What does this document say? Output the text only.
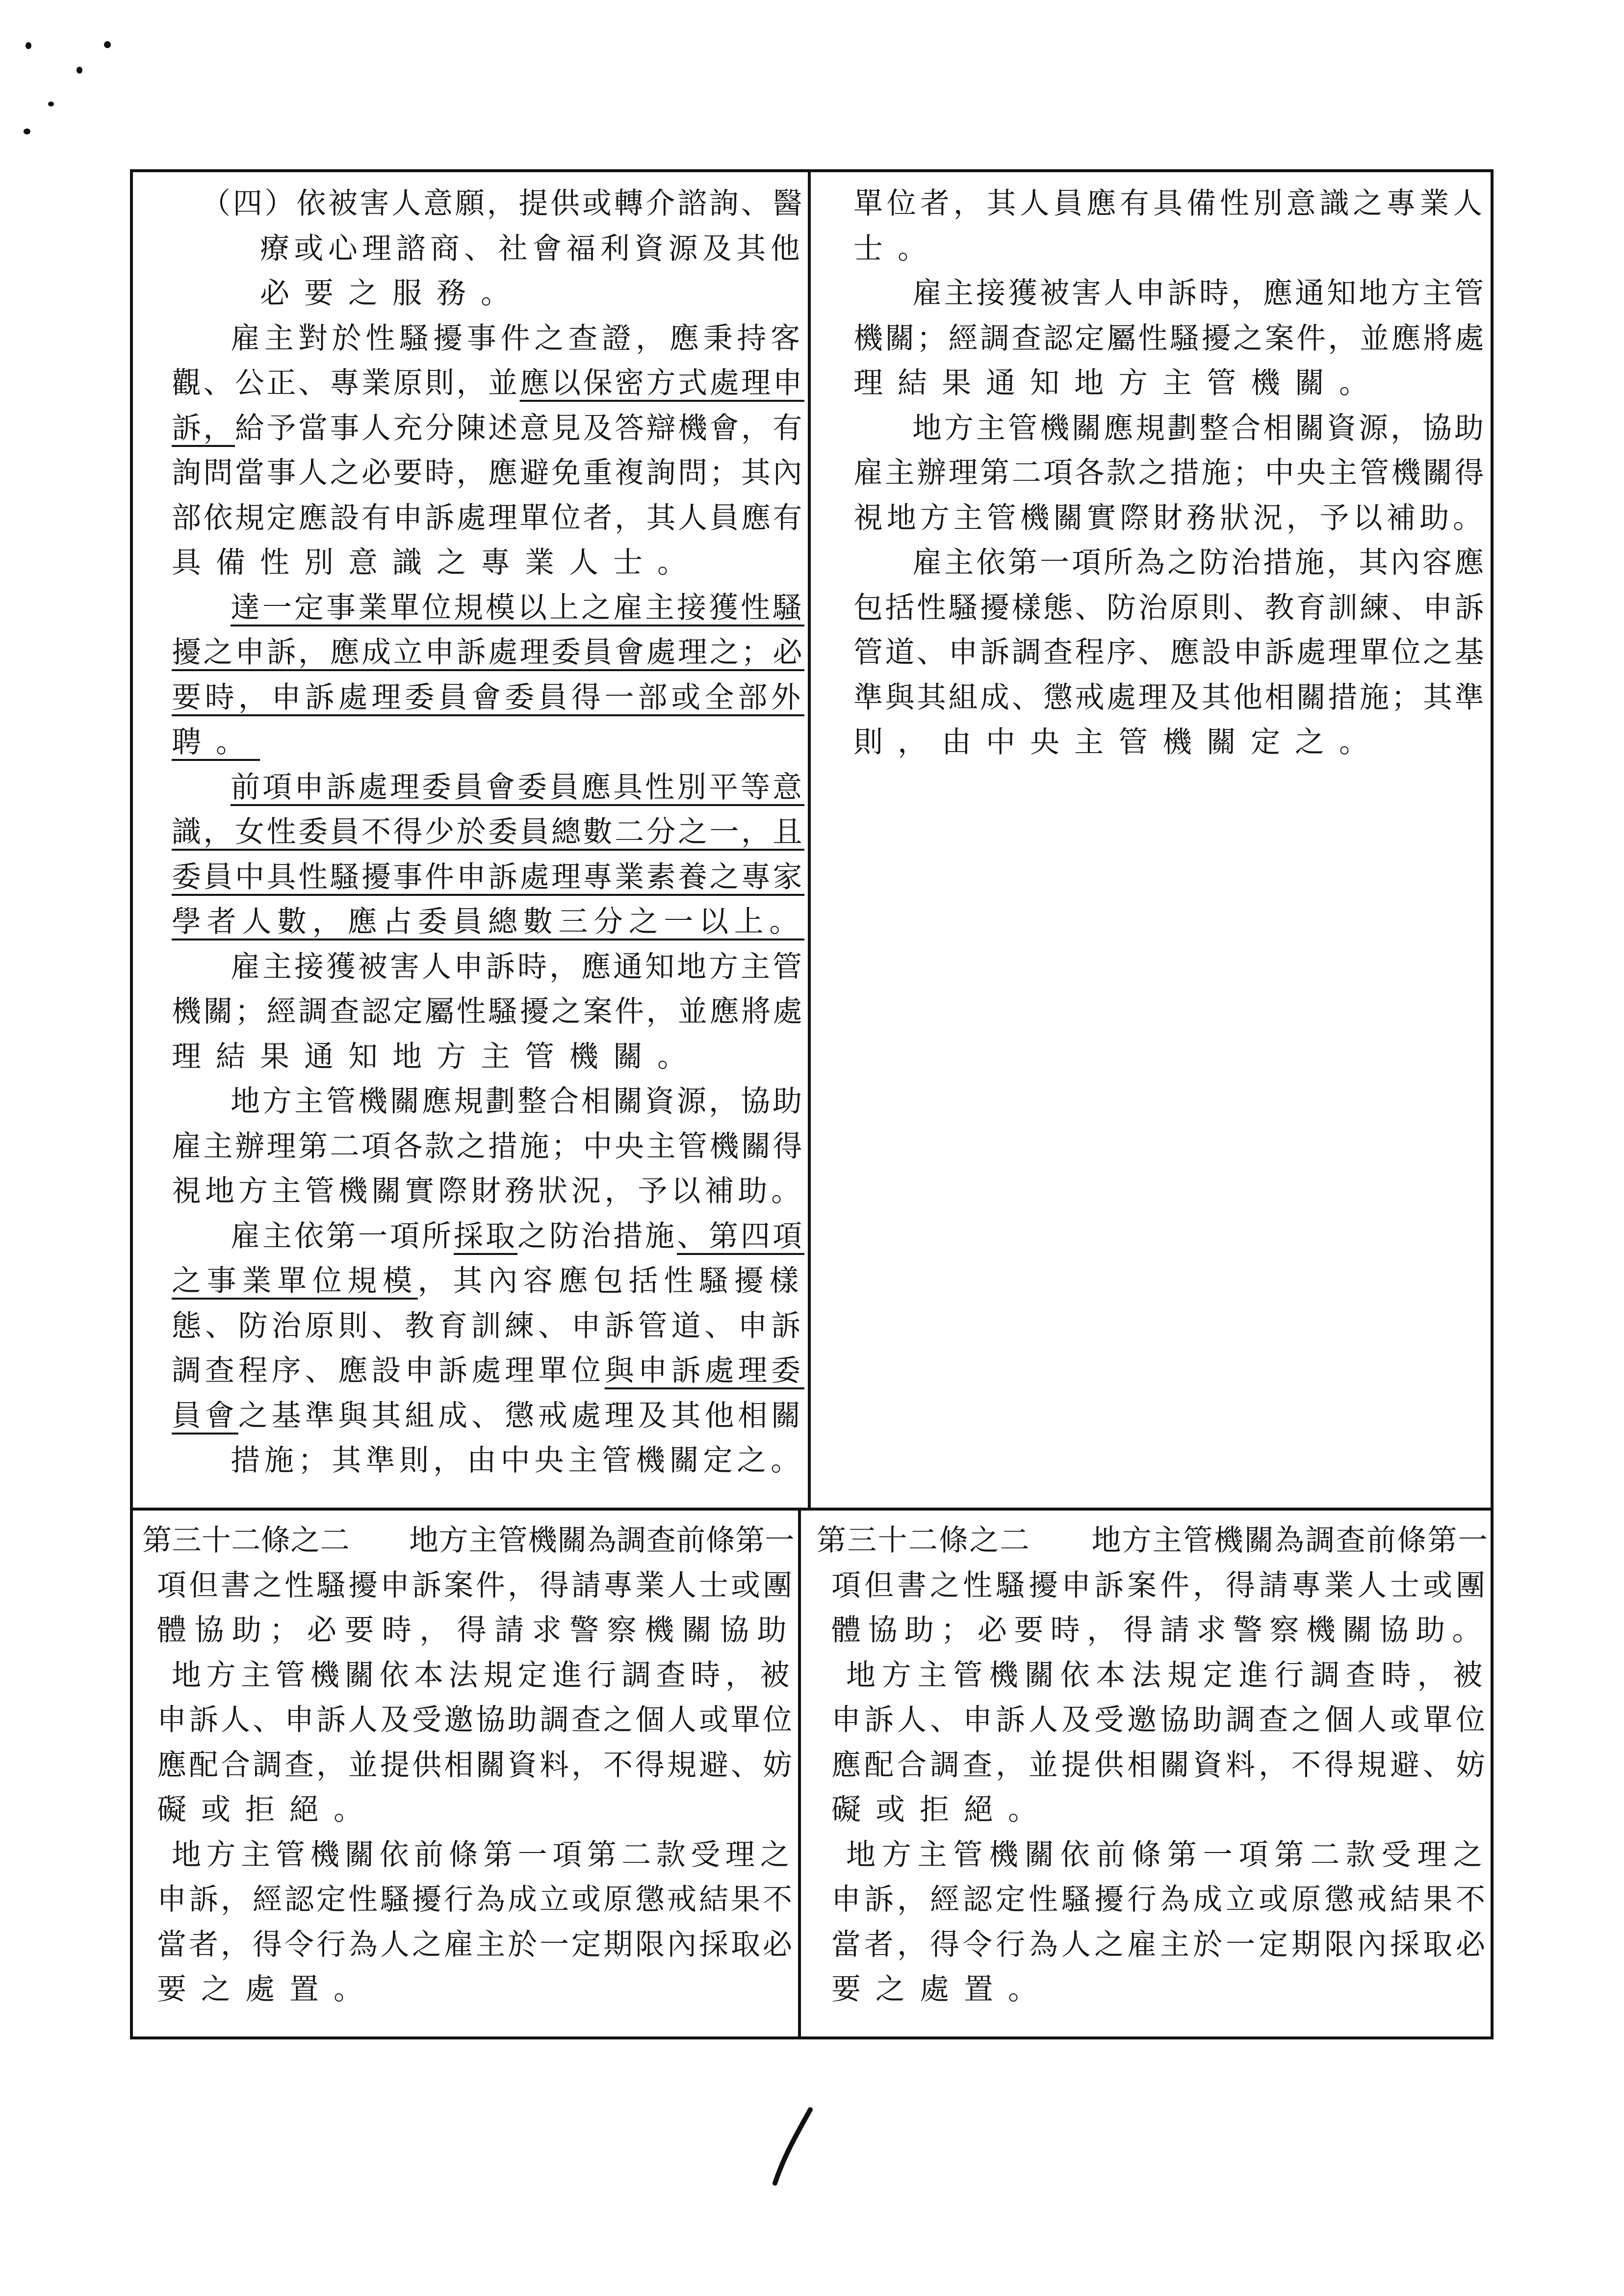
（四）依被害人意願，提供或轉介諮詢、醫
療或心理諮商、社會福利資源及其他
必要之服務。
雇主對於性騷擾事件之查證，應秉持客
觀、公正、專業原則，並應以保密方式處理申
訴，給予當事人充分陳述意見及答辯機會，有
詢問當事人之必要時，應避免重複詢問；其內
部依規定應設有申訴處理單位者，其人員應有
具備性別意識之專業人士。
達一定事業單位規模以上之雇主接獲性騷
擾之申訴，應成立申訴處理委員會處理之；必
要時，申訴處理委員會委員得一部或全部外
聘。
前項申訴處理委員會委員應具性別平等意
識，女性委員不得少於委員總數二分之一，且
委員中具性騷擾事件申訴處理專業素養之專家
學者人數，應占委員總數三分之一以上。
雇主接獲被害人申訴時，應通知地方主管
機關；經調查認定屬性騷擾之案件，並應將處
理結果通知地方主管機關。
地方主管機關應規劃整合相關資源，協助
雇主辦理第二項各款之措施；中央主管機關得
視地方主管機關實際財務狀況，予以補助。
雇主依第一項所採取之防治措施、第四項
之事業單位規模，其內容應包括性騷擾樣
態、防治原則、教育訓練、申訴管道、申訴
調查程序、應設申訴處理單位與申訴處理委
員會之基準與其組成、懲戒處理及其他相關
措施；其準則，由中央主管機關定之。
單位者，其人員應有具備性別意識之專業人
士。
雇主接獲被害人申訴時，應通知地方主管
機關；經調查認定屬性騷擾之案件，並應將處
理結果通知地方主管機關。
地方主管機關應規劃整合相關資源，協助
雇主辦理第二項各款之措施；中央主管機關得
視地方主管機關實際財務狀況，予以補助。
雇主依第一項所為之防治措施，其內容應
包括性騷擾樣態、防治原則、教育訓練、申訴
管道、申訴調查程序、應設申訴處理單位之基
準與其組成、懲戒處理及其他相關措施；其準
則，由中央主管機關定之。
第三十二條之二　　地方主管機關為調查前條第一
項但書之性騷擾申訴案件，得請專業人士或團
體協助；必要時，得請求警察機關協助
地方主管機關依本法規定進行調查時，被
申訴人、申訴人及受邀協助調查之個人或單位
應配合調查，並提供相關資料，不得規避、妨
礙或拒絕。
地方主管機關依前條第一項第二款受理之
申訴，經認定性騷擾行為成立或原懲戒結果不
當者，得令行為人之雇主於一定期限內採取必
要之處置。
第三十二條之二　　地方主管機關為調查前條第一
項但書之性騷擾申訴案件，得請專業人士或團
體協助；必要時，得請求警察機關協助。
地方主管機關依本法規定進行調查時，被
申訴人、申訴人及受邀協助調查之個人或單位
應配合調查，並提供相關資料，不得規避、妨
礙或拒絕。
地方主管機關依前條第一項第二款受理之
申訴，經認定性騷擾行為成立或原懲戒結果不
當者，得令行為人之雇主於一定期限內採取必
要之處置。
